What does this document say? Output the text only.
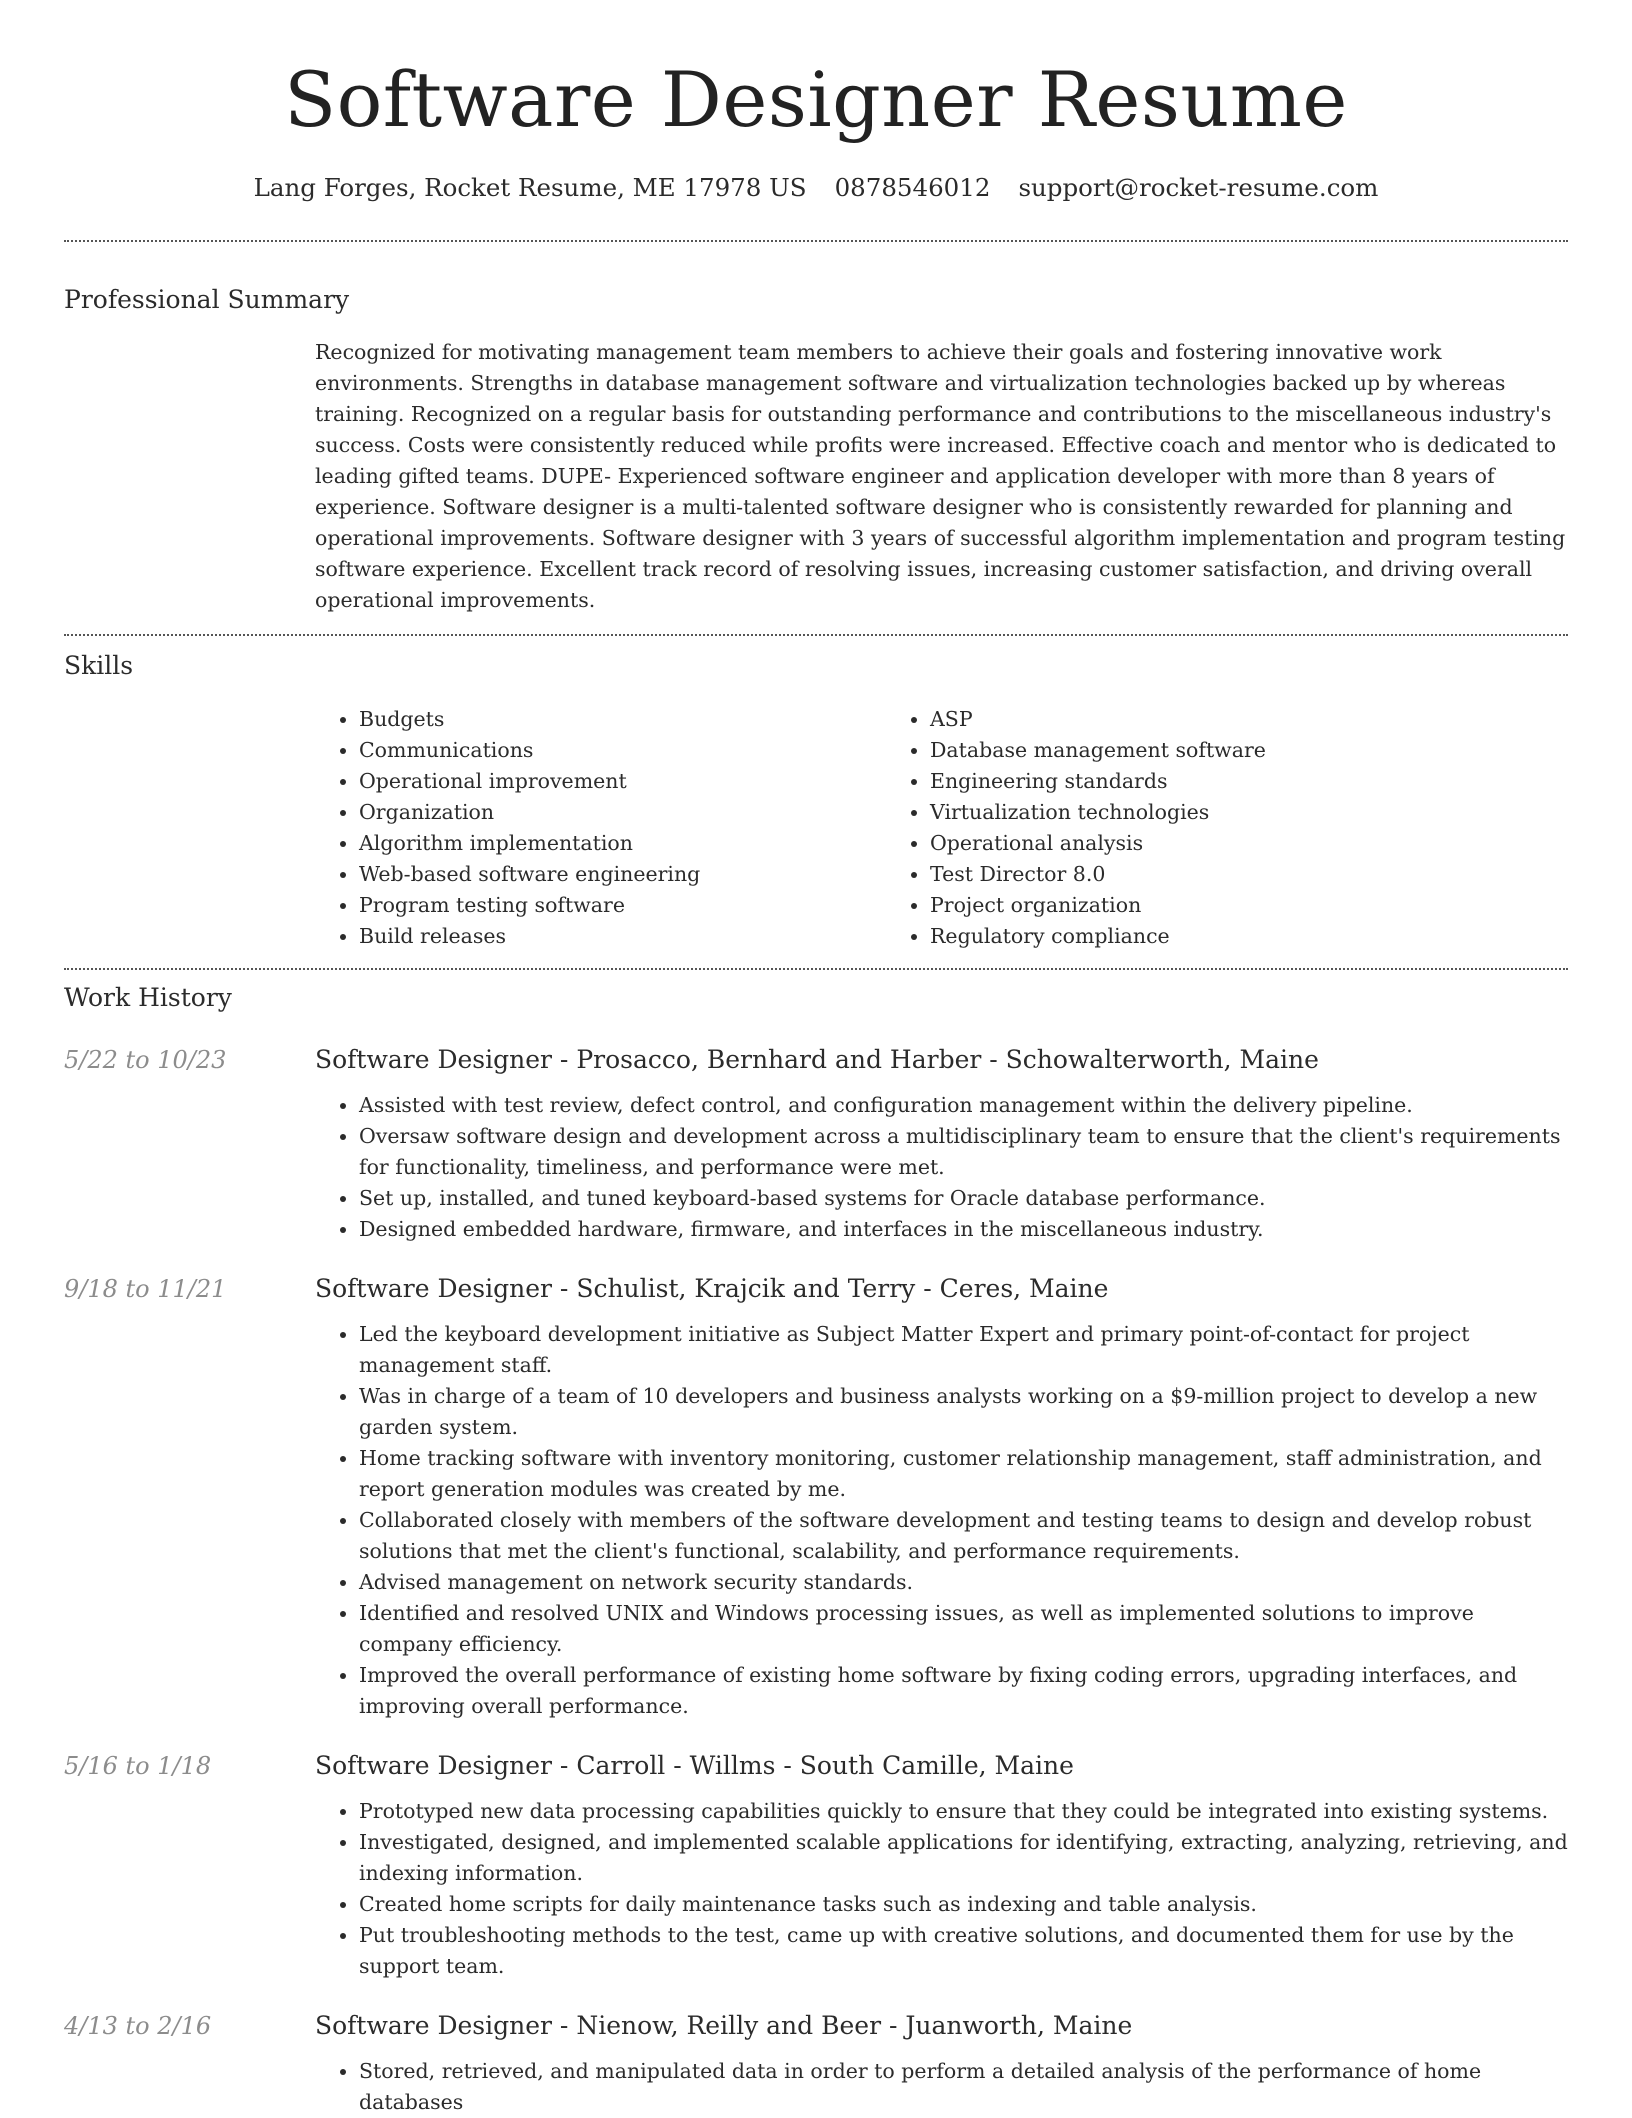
Software Designer Resume
Lang Forges, Rocket Resume, ME 17978 US 0878546012 support@rocket-resume.com
Professional Summary

Recognized for motivating management team members to achieve their goals and fostering innovative work environments. Strengths in database management software and virtualization technologies backed up by whereas training. Recognized on a regular basis for outstanding performance and contributions to the miscellaneous industry's success. Costs were consistently reduced while profits were increased. Effective coach and mentor who is dedicated to leading gifted teams. DUPE- Experienced software engineer and application developer with more than 8 years of experience. Software designer is a multi-talented software designer who is consistently rewarded for planning and operational improvements. Software designer with 3 years of successful algorithm implementation and program testing software experience. Excellent track record of resolving issues, increasing customer satisfaction, and driving overall operational improvements.

Skills
• Budgets
• Communications
• Operational improvement
• Organization
• Algorithm implementation
• Web-based software engineering
• Program testing software
• Build releases
• ASP
• Database management software
• Engineering standards
• Virtualization technologies
• Operational analysis
• Test Director 8.0
• Project organization
• Regulatory compliance
Work History
5/22 to 10/23	Software Designer - Prosacco, Bernhard and Harber - Schowalterworth, Maine
• Assisted with test review, defect control, and configuration management within the delivery pipeline.
• Oversaw software design and development across a multidisciplinary team to ensure that the client's requirements for functionality, timeliness, and performance were met.
• Set up, installed, and tuned keyboard-based systems for Oracle database performance.
• Designed embedded hardware, firmware, and interfaces in the miscellaneous industry.
9/18 to 11/21	Software Designer - Schulist, Krajcik and Terry - Ceres, Maine
• Led the keyboard development initiative as Subject Matter Expert and primary point-of-contact for project management staff.
• Was in charge of a team of 10 developers and business analysts working on a $9-million project to develop a new garden system.
• Home tracking software with inventory monitoring, customer relationship management, staff administration, and report generation modules was created by me.
• Collaborated closely with members of the software development and testing teams to design and develop robust solutions that met the client's functional, scalability, and performance requirements.
• Advised management on network security standards.
• Identified and resolved UNIX and Windows processing issues, as well as implemented solutions to improve company efficiency.
• Improved the overall performance of existing home software by fixing coding errors, upgrading interfaces, and improving overall performance.
5/16 to 1/18	Software Designer - Carroll - Willms - South Camille, Maine
• Prototyped new data processing capabilities quickly to ensure that they could be integrated into existing systems.
• Investigated, designed, and implemented scalable applications for identifying, extracting, analyzing, retrieving, and indexing information.
• Created home scripts for daily maintenance tasks such as indexing and table analysis.
• Put troubleshooting methods to the test, came up with creative solutions, and documented them for use by the support team.
4/13 to 2/16	Software Designer - Nienow, Reilly and Beer - Juanworth, Maine
• Stored, retrieved, and manipulated data in order to perform a detailed analysis of the performance of home databases
